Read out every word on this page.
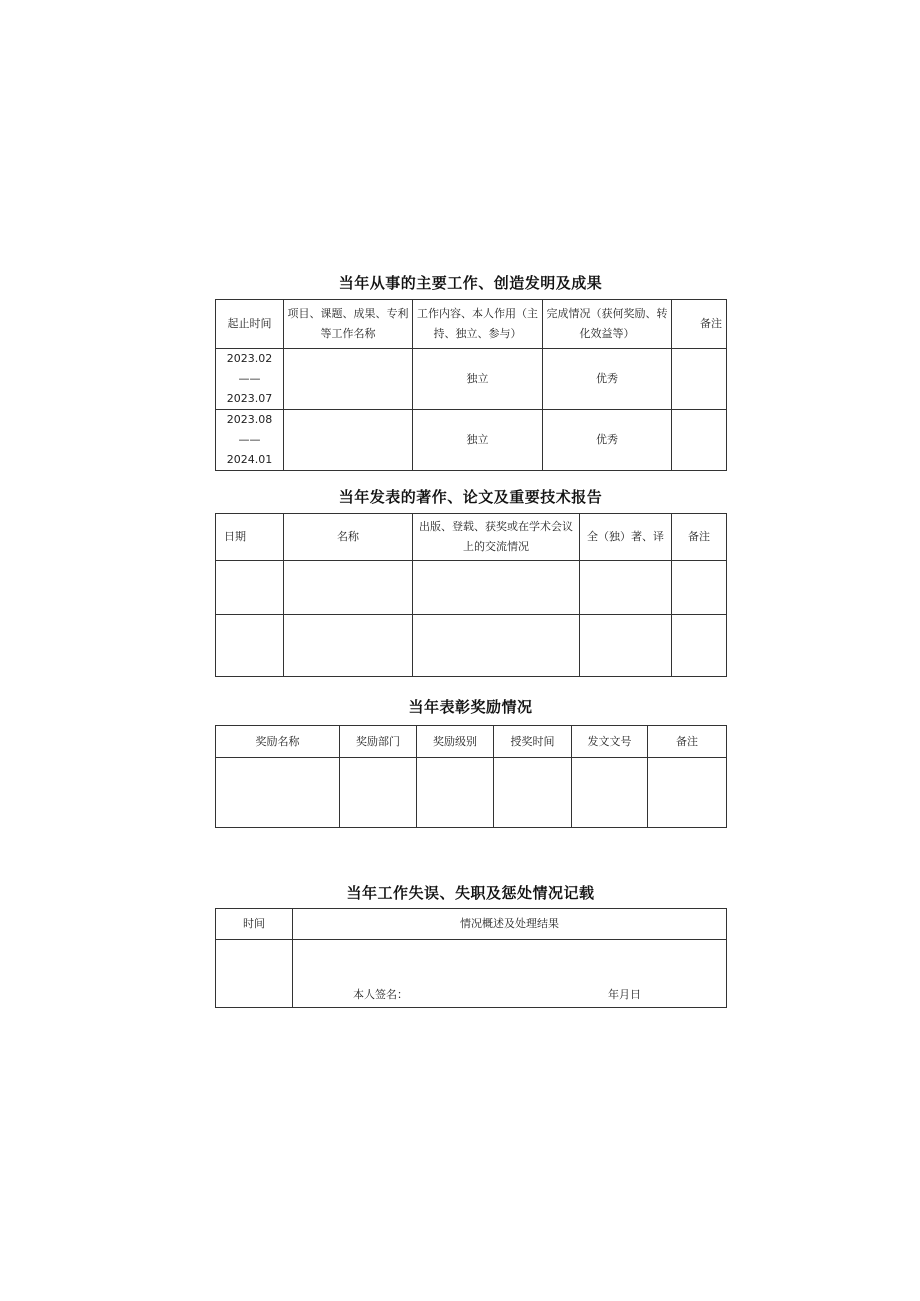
当年从事的主要工作、创造发明及成果
起止时间	项目、课题、成果、专利等工作名称	工作内容、本人作用（主持、独立、参与）	完成情况（获何奖励、转化效益等）	备注

2023.02——
2023.07		独立	优秀	

2023.08——
2024.01		独立	优秀	
当年发表的著作、论文及重要技术报告
日期	名称	出版、登载、获奖或在学术会议上的交流情况	全（独）著、译	备注

当年表彰奖励情况
奖励名称	奖励部门	奖励级别	授奖时间	发文文号	备注

当年工作失误、失职及惩处情况记载
时间	情况概述及处理结果

	本人签名： 年月日
